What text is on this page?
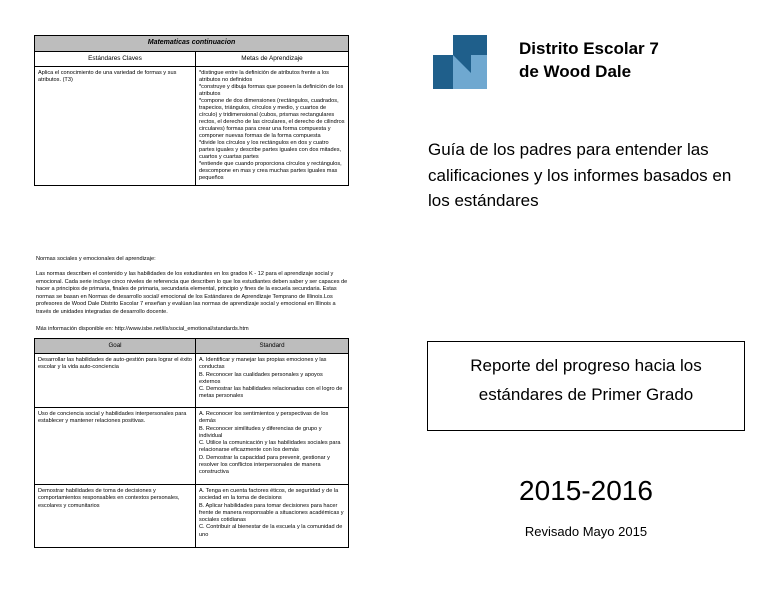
Matematicas continuacion	
Estándares Claves	Metas de Aprendizaje
Aplica el conocimiento de una variedad de formas y sus atributos. (T3)	*distingue entre la definición de atributos frente a los atributos no definidos
*construye y dibuja formas que poseen la definición de los atributos
*compone de dos dimensiones (rectángulos, cuadrados, trapecios, triángulos, círculos y medio, y cuartos de círculo) y tridimensional (cubos, prismas rectangulares rectos, el derecho de las circulares, el derecho de cilindros circulares) formas para crear una forma compuesta y componer nuevas formas de la forma compuesta
*divide los círculos y los rectángulos en dos y cuatro partes iguales y describe partes iguales con dos mitades, cuartos y cuartas partes
*entiende que cuando proporciona círculos y rectángulos, descompone en mas y crea muchas partes iguales mas pequeños
Normas sociales y emocionales del aprendizaje:
Las normas describen el contenido y las habilidades de los estudiantes en los grados K - 12 para el aprendizaje social y emocional. Cada serie incluye cinco niveles de referencia que describen lo que los estudiantes deben saber y ser capaces de hacer a principios de primaria, finales de primaria, secundaria elemental, principio y fines de la escuela secundaria. Estas normas se basan en Normas de desarrollo social/ emocional de los Estándares de Aprendizaje Temprano de Illinois.Los profesores de Wood Dale Distrito Escolar 7 enseñan y evalúan las normas de aprendizaje social y emocional en Illinois a través de unidades integradas de desarrollo docente.
Más información disponible en: http://www.isbe.net/ils/social_emotional/standards.htm
Goal	Standard
Desarrollar las habilidades de auto-gestión para lograr el éxito escolar y la vida auto-conciencia	A. Identificar y manejar las propias emociones y las conductas
B. Reconocer las cualidades personales y apoyos externos
C. Demostrar las habilidades relacionadas con el logro de metas personales

Uso de conciencia social y habilidades interpersonales para establecer y mantener relaciones positivas.	A. Reconocer los sentimientos y perspectivas de los demás
B. Reconocer similitudes y diferencias de grupo y individual
C. Utilice la comunicación y las habilidades sociales para relacionarse eficazmente con los demás
D. Demostrar la capacidad para prevenir, gestionar y resolver los conflictos interpersonales de manera constructiva

Demostrar habilidades de toma de decisiones y comportamientos responsables en contextos personales, escolares y comunitarios	A. Tenga en cuenta factores éticos, de seguridad y de la sociedad en la toma de decisions
B. Aplicar habilidades para tomar decisiones para hacer frente de manera responsable a situaciones académicas y sociales cotidianas
C. Contribuir al bienestar de la escuela y la comunidad de uno
Distrito Escolar 7
de Wood Dale
Guía de los padres para entender las calificaciones y los informes basados en los estándares
Reporte del progreso hacia los
estándares de Primer Grado
2015-2016
Revisado Mayo 2015
